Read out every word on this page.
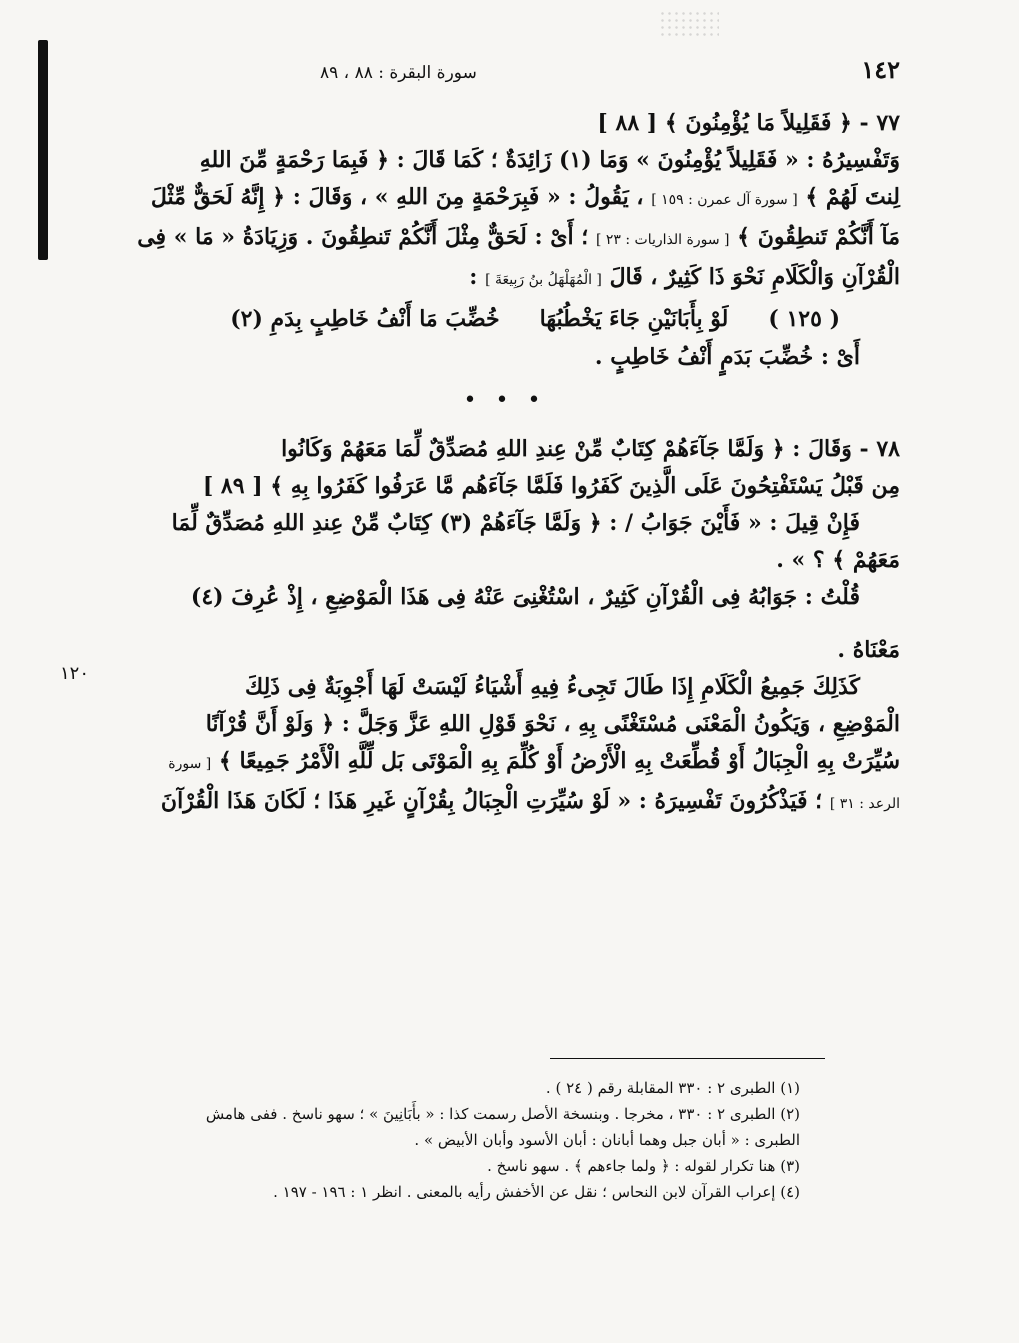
١٤٢
سورة البقرة : ٨٨ ، ٨٩
٧٧ - ﴿ فَقَلِيلاً مَا يُؤْمِنُونَ ﴾ [ ٨٨ ]
وَتَفْسِيرُهُ : « فَقَلِيلاً يُؤْمِنُونَ » وَمَا (١) زَائِدَةٌ ؛ كَمَا قَالَ : ﴿ فَبِمَا رَحْمَةٍ مِّنَ اللهِ
لِنتَ لَهُمْ ﴾ [ سورة آل عمرن : ١٥٩ ] ، يَقُولُ : « فَبِرَحْمَةٍ مِنَ اللهِ » ، وَقَالَ : ﴿ إِنَّهُ لَحَقٌّ مِّثْلَ
مَآ أَنَّكُمْ تَنطِقُونَ ﴾ [ سورة الذاريات : ٢٣ ] ؛ أَىْ : لَحَقٌّ مِثْلَ أَنَّكُمْ تَنطِقُونَ . وَزِيَادَةُ « مَا » فِى
الْقُرْآنِ وَالْكَلَامِ نَحْوَ ذَا كَثِيرٌ ، قَالَ [ الْمُهَلْهَلُ بنُ رَبِيعَةَ ] :
( ١٢٥ )
لَوْ بِأَبَانَيْنِ جَاءَ يَخْطُبُهَا
خُضِّبَ مَا أَنْفُ خَاطِبٍ بِدَمِ (٢)
أَىْ : خُضِّبَ بَدَمٍ أَنْفُ خَاطِبٍ .
• • •
٧٨ - وَقَالَ : ﴿ وَلَمَّا جَآءَهُمْ كِتَابٌ مِّنْ عِندِ اللهِ مُصَدِّقٌ لِّمَا مَعَهُمْ وَكَانُوا
مِن قَبْلُ يَسْتَفْتِحُونَ عَلَى الَّذِينَ كَفَرُوا فَلَمَّا جَآءَهُم مَّا عَرَفُوا كَفَرُوا بِهِ ﴾ [ ٨٩ ]
فَإِنْ قِيلَ : « فَأَيْنَ جَوَابُ / : ﴿ وَلَمَّا جَآءَهُمْ (٣) كِتَابٌ مِّنْ عِندِ اللهِ مُصَدِّقٌ لِّمَا
مَعَهُمْ ﴾ ؟ » .
قُلْتُ : جَوَابُهُ فِى الْقُرْآنِ كَثِيرٌ ، اسْتُغْنِىَ عَنْهُ فِى هَذَا الْمَوْضِعِ ، إِذْ عُرِفَ (٤)
مَعْنَاهُ .
كَذَلِكَ جَمِيعُ الْكَلَامِ إِذَا طَالَ تَجِىءُ فِيهِ أَشْيَاءُ لَيْسَتْ لَهَا أَجْوِبَةٌ فِى ذَلِكَ
الْمَوْضِعِ ، وَيَكُونُ الْمَعْنَى مُسْتَغْنًى بِهِ ، نَحْوَ قَوْلِ اللهِ عَزَّ وَجَلَّ : ﴿ وَلَوْ أَنَّ قُرْآنًا
سُيِّرَتْ بِهِ الْجِبَالُ أَوْ قُطِّعَتْ بِهِ الْأَرْضُ أَوْ كُلِّمَ بِهِ الْمَوْتَى بَل لِّلَّهِ الْأَمْرُ جَمِيعًا ﴾ [ سورة
الرعد : ٣١ ] ؛ فَيَذْكُرُونَ تَفْسِيرَهُ : « لَوْ سُيِّرَتِ الْجِبَالُ بِقُرْآنٍ غَيرِ هَذَا ؛ لَكَانَ هَذَا الْقُرْآنَ
١٢٠
(١) الطبرى ٢ : ٣٣٠ المقابلة رقم ( ٢٤ ) .
(٢) الطبرى ٢ : ٣٣٠ ، مخرجا . وبنسخة الأصل رسمت كذا : « بأَبَانِينَ » ؛ سهو ناسخ . ففى هامش
الطبرى : « أبان جبل وهما أبانان : أبان الأسود وأبان الأبيض » .
(٣) هنا تكرار لقوله : ﴿ ولما جاءهم ﴾ . سهو ناسخ .
(٤) إعراب القرآن لابن النحاس ؛ نقل عن الأخفش رأيه بالمعنى . انظر ١ : ١٩٦ - ١٩٧ .
